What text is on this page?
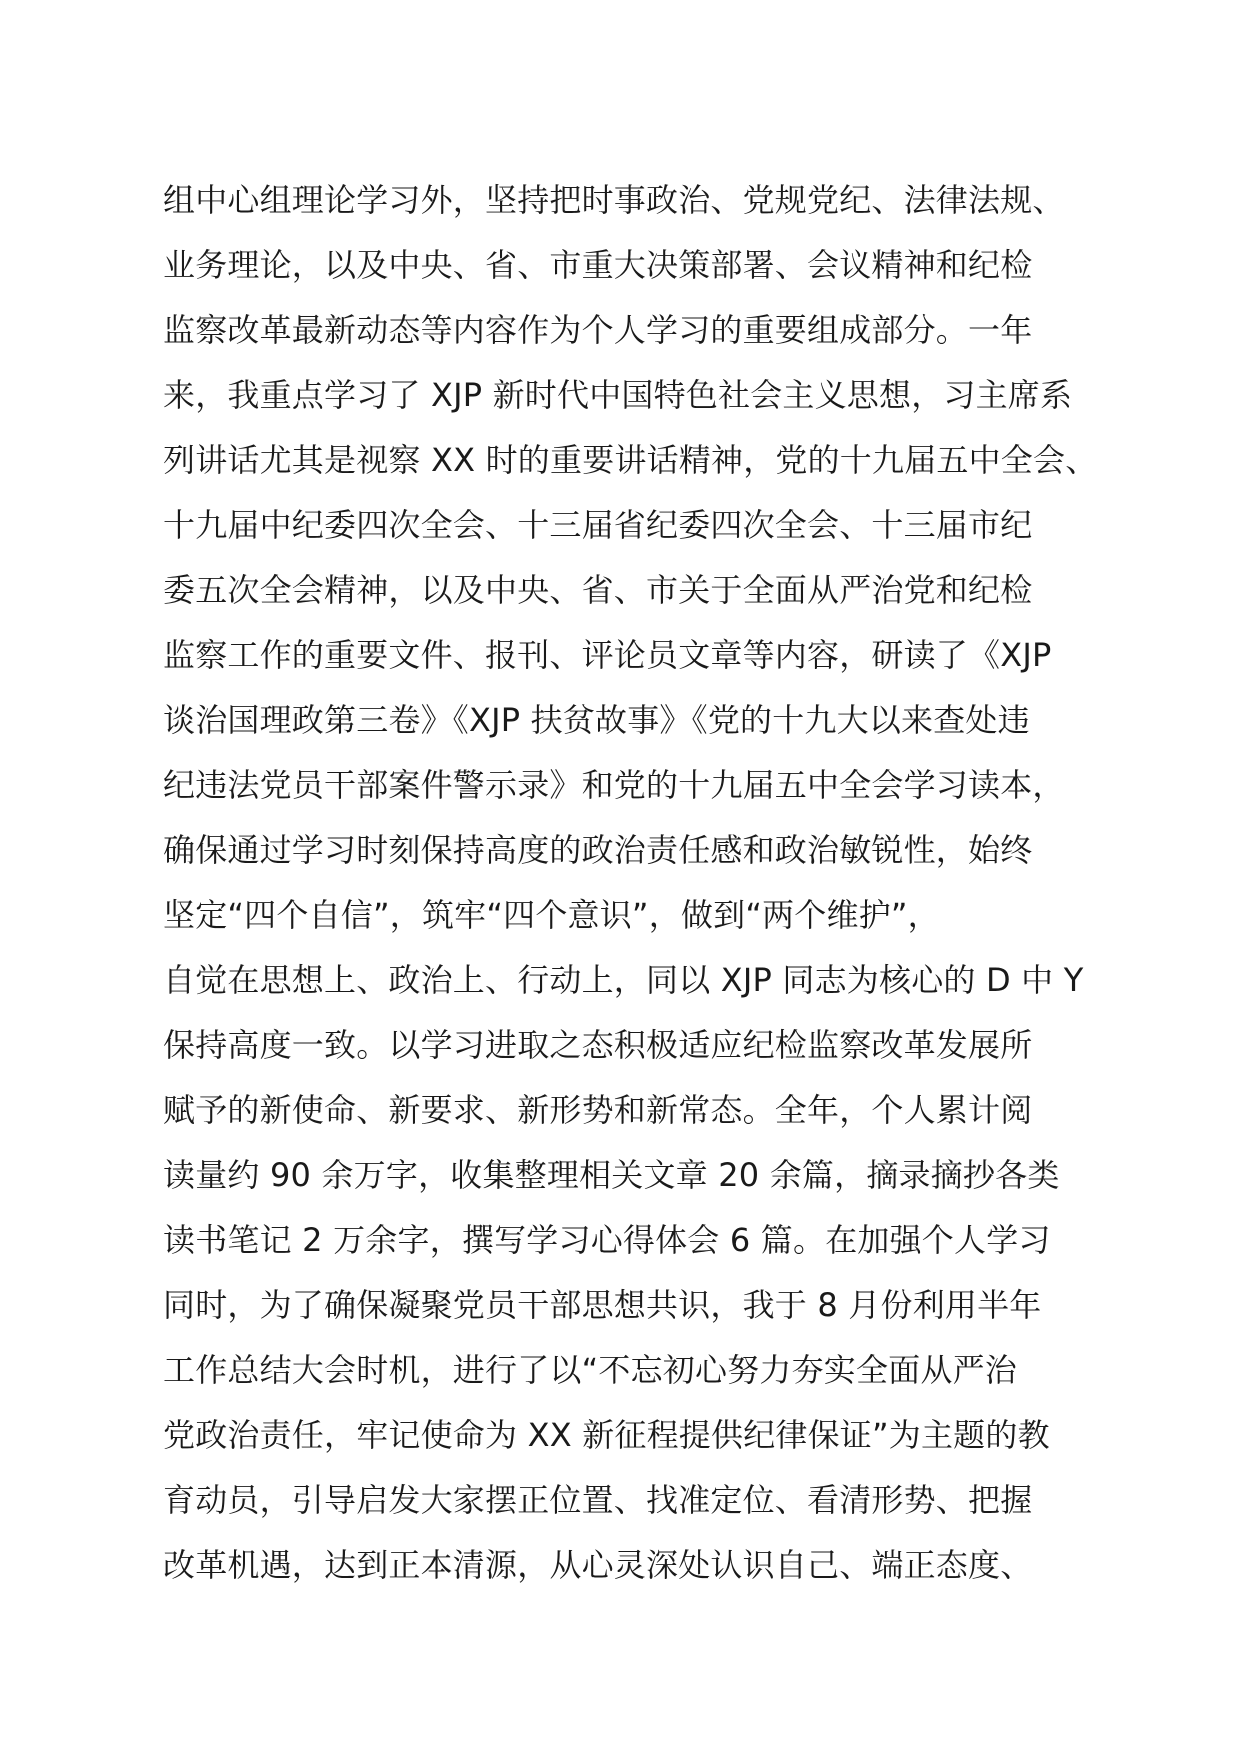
组中心组理论学习外，坚持把时事政治、党规党纪、法律法规、
业务理论，以及中央、省、市重大决策部署、会议精神和纪检
监察改革最新动态等内容作为个人学习的重要组成部分。一年
来，我重点学习了 XJP 新时代中国特色社会主义思想，习主席系
列讲话尤其是视察 XX 时的重要讲话精神，党的十九届五中全会、
十九届中纪委四次全会、十三届省纪委四次全会、十三届市纪
委五次全会精神，以及中央、省、市关于全面从严治党和纪检
监察工作的重要文件、报刊、评论员文章等内容，研读了《XJP
谈治国理政第三卷》《XJP 扶贫故事》《党的十九大以来查处违
纪违法党员干部案件警示录》和党的十九届五中全会学习读本，
确保通过学习时刻保持高度的政治责任感和政治敏锐性，始终
坚定“四个自信”，筑牢“四个意识”，做到“两个维护”，
自觉在思想上、政治上、行动上，同以 XJP 同志为核心的 D 中 Y
保持高度一致。以学习进取之态积极适应纪检监察改革发展所
赋予的新使命、新要求、新形势和新常态。全年，个人累计阅
读量约 90 余万字，收集整理相关文章 20 余篇，摘录摘抄各类
读书笔记 2 万余字，撰写学习心得体会 6 篇。在加强个人学习
同时，为了确保凝聚党员干部思想共识，我于 8 月份利用半年
工作总结大会时机，进行了以“不忘初心努力夯实全面从严治
党政治责任，牢记使命为 XX 新征程提供纪律保证”为主题的教
育动员，引导启发大家摆正位置、找准定位、看清形势、把握
改革机遇，达到正本清源，从心灵深处认识自己、端正态度、
